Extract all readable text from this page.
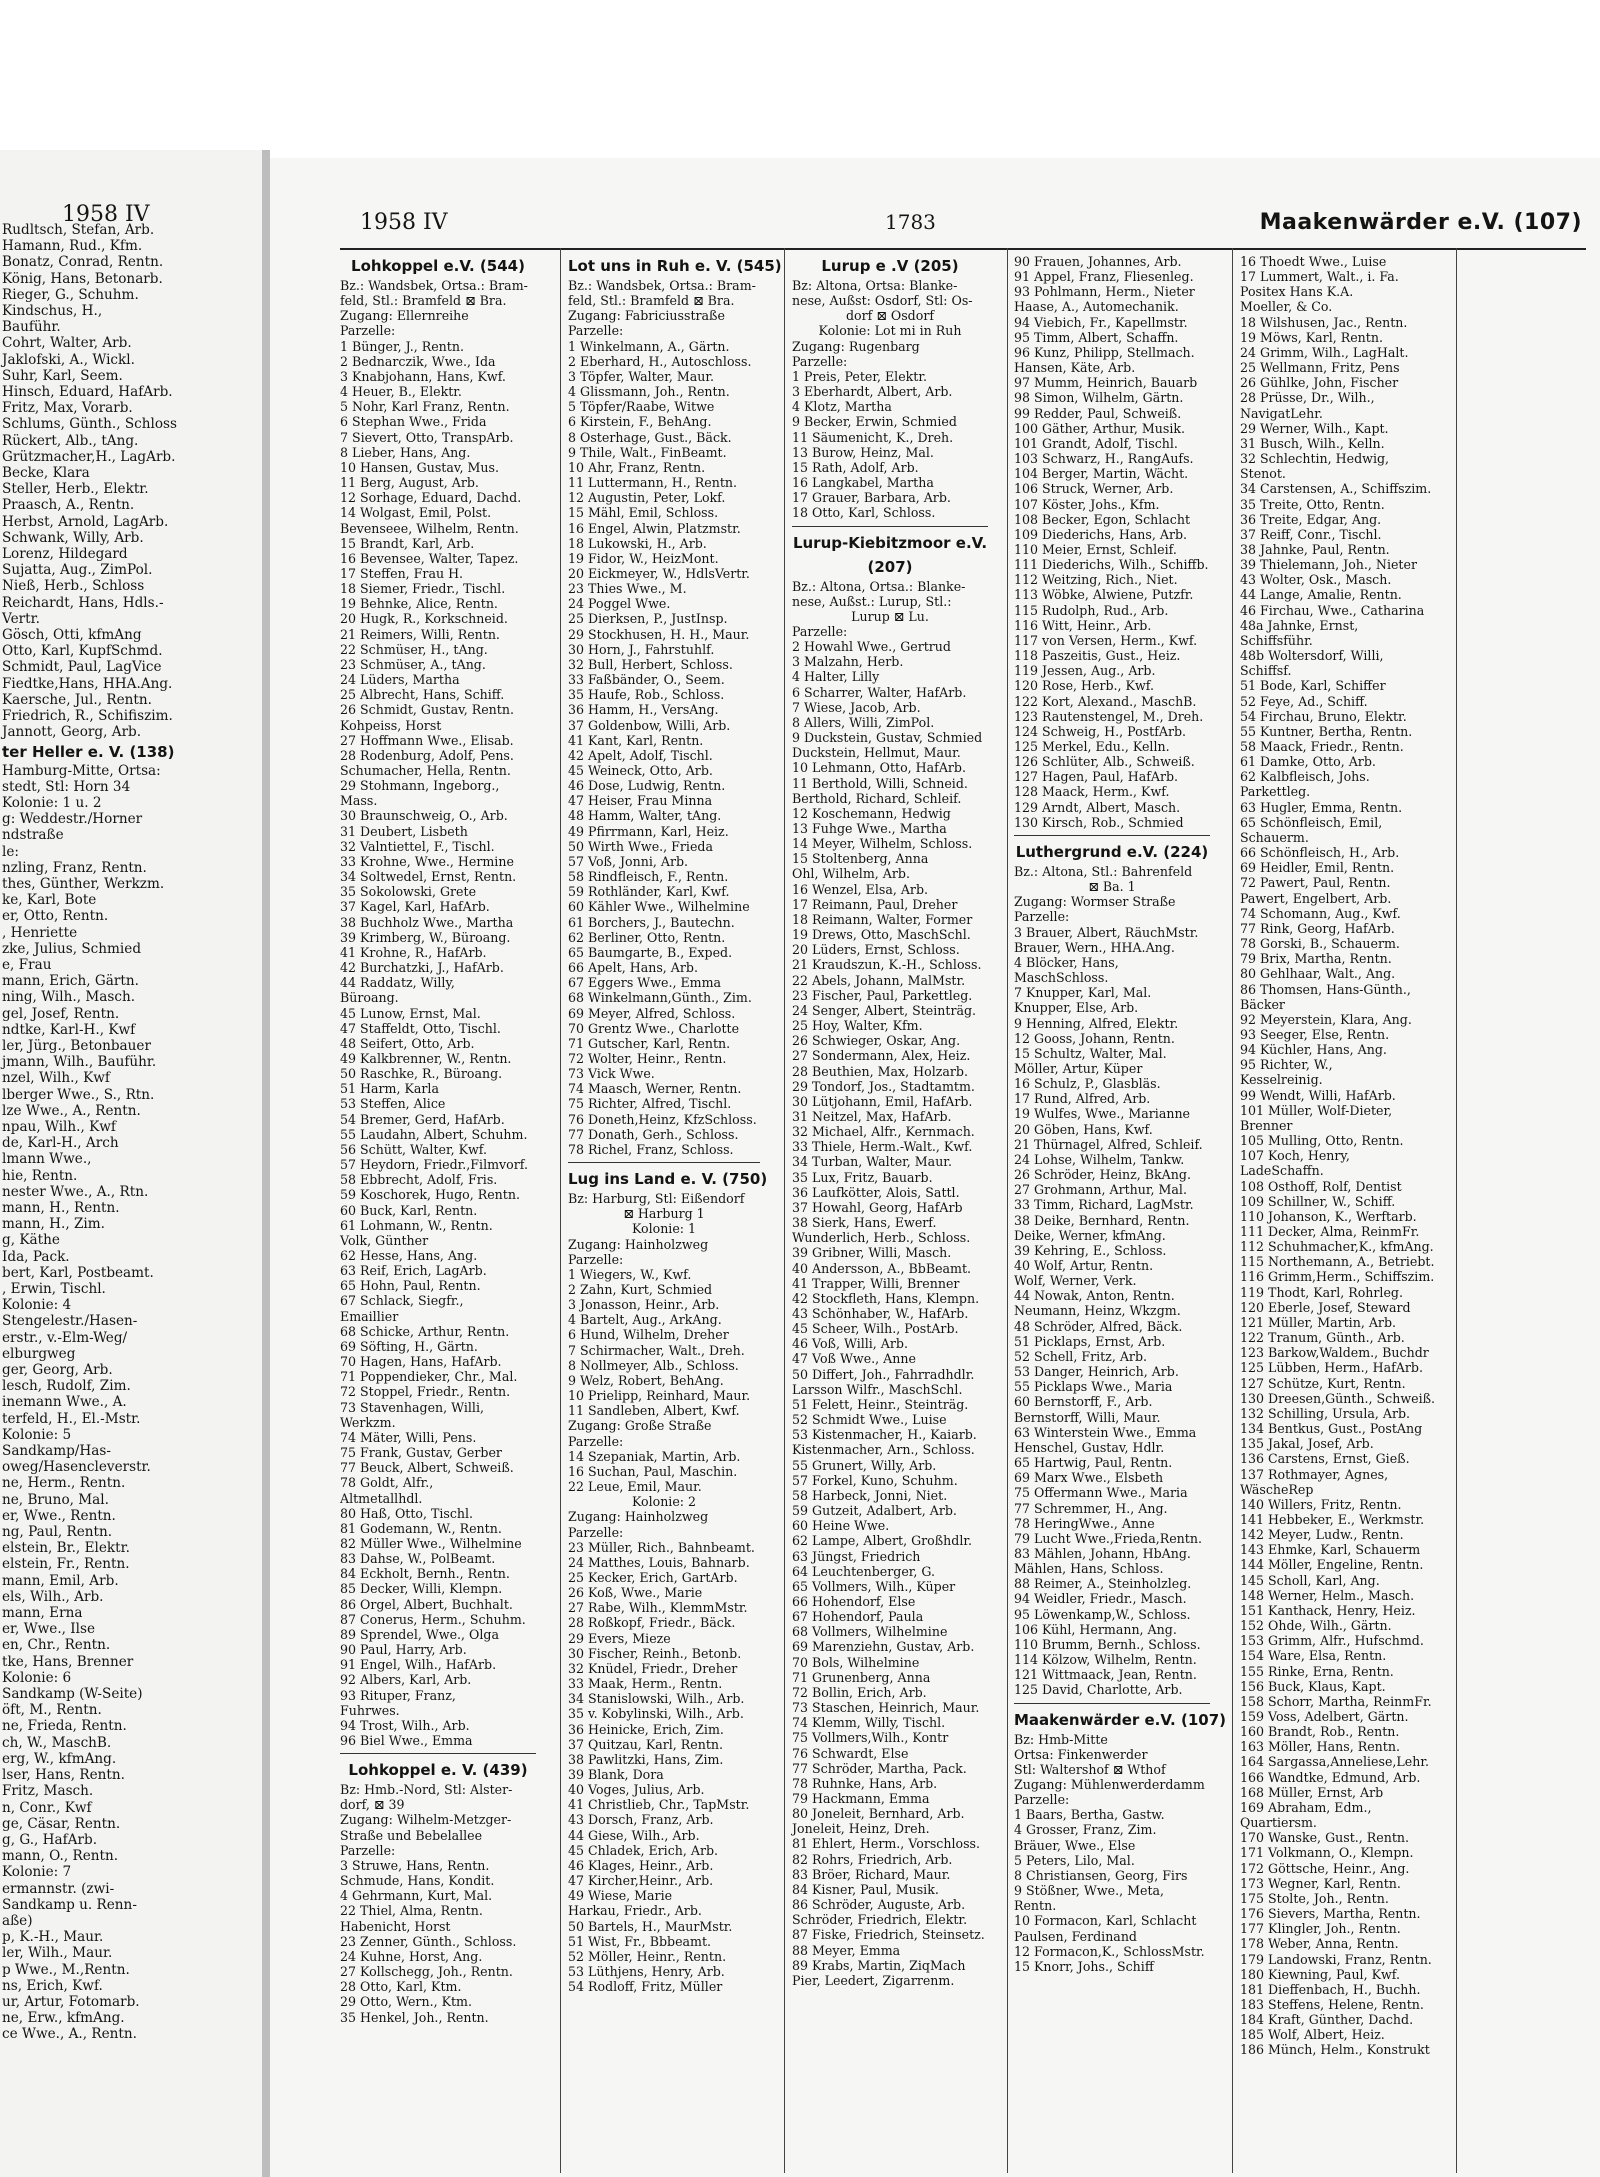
1958 IV
Rudltsch, Stefan, Arb.
Hamann, Rud., Kfm.
Bonatz, Conrad, Rentn.
König, Hans, Betonarb.
Rieger, G., Schuhm.
Kindschus, H.,
Bauführ.
Cohrt, Walter, Arb.
Jaklofski, A., Wickl.
Suhr, Karl, Seem.
Hinsch, Eduard, HafArb.
Fritz, Max, Vorarb.
Schlums, Günth., Schloss
Rückert, Alb., tAng.
Grützmacher,H., LagArb.
Becke, Klara
Steller, Herb., Elektr.
Praasch, A., Rentn.
Herbst, Arnold, LagArb.
Schwank, Willy, Arb.
Lorenz, Hildegard
Sujatta, Aug., ZimPol.
Nieß, Herb., Schloss
Reichardt, Hans, Hdls.-
Vertr.
Gösch, Otti, kfmAng
Otto, Karl, KupfSchmd.
Schmidt, Paul, LagVice
Fiedtke,Hans, HHA.Ang.
Kaersche, Jul., Rentn.
Friedrich, R., Schifiszim.
Jannott, Georg, Arb.
ter Heller e. V. (138)
Hamburg-Mitte, Ortsa:
stedt, Stl: Horn 34
Kolonie: 1 u. 2
g: Weddestr./Horner
ndstraße
le:
nzling, Franz, Rentn.
thes, Günther, Werkzm.
ke, Karl, Bote
er, Otto, Rentn.
, Henriette
zke, Julius, Schmied
e, Frau
mann, Erich, Gärtn.
ning, Wilh., Masch.
gel, Josef, Rentn.
ndtke, Karl-H., Kwf
ler, Jürg., Betonbauer
jmann, Wilh., Bauführ.
nzel, Wilh., Kwf
lberger Wwe., S., Rtn.
lze Wwe., A., Rentn.
npau, Wilh., Kwf
de, Karl-H., Arch
lmann Wwe.,
hie, Rentn.
nester Wwe., A., Rtn.
mann, H., Rentn.
mann, H., Zim.
g, Käthe
Ida, Pack.
bert, Karl, Postbeamt.
, Erwin, Tischl.
Kolonie: 4
Stengelestr./Hasen-
erstr., v.-Elm-Weg/
elburgweg
ger, Georg, Arb.
lesch, Rudolf, Zim.
inemann Wwe., A.
terfeld, H., El.-Mstr.
Kolonie: 5
Sandkamp/Has-
oweg/Hasencleverstr.
ne, Herm., Rentn.
ne, Bruno, Mal.
er, Wwe., Rentn.
ng, Paul, Rentn.
elstein, Br., Elektr.
elstein, Fr., Rentn.
mann, Emil, Arb.
els, Wilh., Arb.
mann, Erna
er, Wwe., Ilse
en, Chr., Rentn.
tke, Hans, Brenner
Kolonie: 6
Sandkamp (W-Seite)
öft, M., Rentn.
ne, Frieda, Rentn.
ch, W., MaschB.
erg, W., kfmAng.
lser, Hans, Rentn.
Fritz, Masch.
n, Conr., Kwf
ge, Cäsar, Rentn.
g, G., HafArb.
mann, O., Rentn.
Kolonie: 7
ermannstr. (zwi-
Sandkamp u. Renn-
aße)
p, K.-H., Maur.
ler, Wilh., Maur.
p Wwe., M.,Rentn.
ns, Erich, Kwf.
ur, Artur, Fotomarb.
ne, Erw., kfmAng.
ce Wwe., A., Rentn.
1958 IV	1783	Maakenwärder e.V. (107)
Lohkoppel e.V. (544)
Bz.: Wandsbek, Ortsa.: Bram-
feld, Stl.: Bramfeld ⊠ Bra.
Zugang: Ellernreihe
Parzelle:
1 Bünger, J., Rentn.
2 Bednarczik, Wwe., Ida
3 Knabjohann, Hans, Kwf.
4 Heuer, B., Elektr.
5 Nohr, Karl Franz, Rentn.
6 Stephan Wwe., Frida
7 Sievert, Otto, TranspArb.
8 Lieber, Hans, Ang.
10 Hansen, Gustav, Mus.
11 Berg, August, Arb.
12 Sorhage, Eduard, Dachd.
14 Wolgast, Emil, Polst.
Bevenseee, Wilhelm, Rentn.
15 Brandt, Karl, Arb.
16 Bevensee, Walter, Tapez.
17 Steffen, Frau H.
18 Siemer, Friedr., Tischl.
19 Behnke, Alice, Rentn.
20 Hugk, R., Korkschneid.
21 Reimers, Willi, Rentn.
22 Schmüser, H., tAng.
23 Schmüser, A., tAng.
24 Lüders, Martha
25 Albrecht, Hans, Schiff.
26 Schmidt, Gustav, Rentn.
Kohpeiss, Horst
27 Hoffmann Wwe., Elisab.
28 Rodenburg, Adolf, Pens.
Schumacher, Hella, Rentn.
29 Stohmann, Ingeborg.,
Mass.
30 Braunschweig, O., Arb.
31 Deubert, Lisbeth
32 Valntiettel, F., Tischl.
33 Krohne, Wwe., Hermine
34 Soltwedel, Ernst, Rentn.
35 Sokolowski, Grete
37 Kagel, Karl, HafArb.
38 Buchholz Wwe., Martha
39 Krimberg, W., Büroang.
41 Krohne, R., HafArb.
42 Burchatzki, J., HafArb.
44 Raddatz, Willy,
Büroang.
45 Lunow, Ernst, Mal.
47 Staffeldt, Otto, Tischl.
48 Seifert, Otto, Arb.
49 Kalkbrenner, W., Rentn.
50 Raschke, R., Büroang.
51 Harm, Karla
53 Steffen, Alice
54 Bremer, Gerd, HafArb.
55 Laudahn, Albert, Schuhm.
56 Schütt, Walter, Kwf.
57 Heydorn, Friedr.,Filmvorf.
58 Ebbrecht, Adolf, Fris.
59 Koschorek, Hugo, Rentn.
60 Buck, Karl, Rentn.
61 Lohmann, W., Rentn.
Volk, Günther
62 Hesse, Hans, Ang.
63 Reif, Erich, LagArb.
65 Hohn, Paul, Rentn.
67 Schlack, Siegfr.,
Emaillier
68 Schicke, Arthur, Rentn.
69 Söfting, H., Gärtn.
70 Hagen, Hans, HafArb.
71 Poppendieker, Chr., Mal.
72 Stoppel, Friedr., Rentn.
73 Stavenhagen, Willi,
Werkzm.
74 Mäter, Willi, Pens.
75 Frank, Gustav, Gerber
77 Beuck, Albert, Schweiß.
78 Goldt, Alfr.,
Altmetallhdl.
80 Haß, Otto, Tischl.
81 Godemann, W., Rentn.
82 Müller Wwe., Wilhelmine
83 Dahse, W., PolBeamt.
84 Eckholt, Bernh., Rentn.
85 Decker, Willi, Klempn.
86 Orgel, Albert, Buchhalt.
87 Conerus, Herm., Schuhm.
89 Sprendel, Wwe., Olga
90 Paul, Harry, Arb.
91 Engel, Wilh., HafArb.
92 Albers, Karl, Arb.
93 Rituper, Franz,
Fuhrwes.
94 Trost, Wilh., Arb.
96 Biel Wwe., Emma
Lohkoppel e. V. (439)
Bz: Hmb.-Nord, Stl: Alster-
dorf, ⊠ 39
Zugang: Wilhelm-Metzger-
Straße und Bebelallee
Parzelle:
3 Struwe, Hans, Rentn.
Schmude, Hans, Kondit.
4 Gehrmann, Kurt, Mal.
22 Thiel, Alma, Rentn.
Habenicht, Horst
23 Zenner, Günth., Schloss.
24 Kuhne, Horst, Ang.
27 Kollschegg, Joh., Rentn.
28 Otto, Karl, Ktm.
29 Otto, Wern., Ktm.
35 Henkel, Joh., Rentn.
Lot uns in Ruh e. V. (545)
Bz.: Wandsbek, Ortsa.: Bram-
feld, Stl.: Bramfeld ⊠ Bra.
Zugang: Fabriciusstraße
Parzelle:
1 Winkelmann, A., Gärtn.
2 Eberhard, H., Autoschloss.
3 Töpfer, Walter, Maur.
4 Glissmann, Joh., Rentn.
5 Töpfer/Raabe, Witwe
6 Kirstein, F., BehAng.
8 Osterhage, Gust., Bäck.
9 Thile, Walt., FinBeamt.
10 Ahr, Franz, Rentn.
11 Luttermann, H., Rentn.
12 Augustin, Peter, Lokf.
15 Mähl, Emil, Schloss.
16 Engel, Alwin, Platzmstr.
18 Lukowski, H., Arb.
19 Fidor, W., HeizMont.
20 Eickmeyer, W., HdlsVertr.
23 Thies Wwe., M.
24 Poggel Wwe.
25 Dierksen, P., JustInsp.
29 Stockhusen, H. H., Maur.
30 Horn, J., Fahrstuhlf.
32 Bull, Herbert, Schloss.
33 Faßbänder, O., Seem.
35 Haufe, Rob., Schloss.
36 Hamm, H., VersAng.
37 Goldenbow, Willi, Arb.
41 Kant, Karl, Rentn.
42 Apelt, Adolf, Tischl.
45 Weineck, Otto, Arb.
46 Dose, Ludwig, Rentn.
47 Heiser, Frau Minna
48 Hamm, Walter, tAng.
49 Pfirrmann, Karl, Heiz.
50 Wirth Wwe., Frieda
57 Voß, Jonni, Arb.
58 Rindfleisch, F., Rentn.
59 Rothländer, Karl, Kwf.
60 Kähler Wwe., Wilhelmine
61 Borchers, J., Bautechn.
62 Berliner, Otto, Rentn.
65 Baumgarte, B., Exped.
66 Apelt, Hans, Arb.
67 Eggers Wwe., Emma
68 Winkelmann,Günth., Zim.
69 Meyer, Alfred, Schloss.
70 Grentz Wwe., Charlotte
71 Gutscher, Karl, Rentn.
72 Wolter, Heinr., Rentn.
73 Vick Wwe.
74 Maasch, Werner, Rentn.
75 Richter, Alfred, Tischl.
76 Doneth,Heinz, KfzSchloss.
77 Donath, Gerh., Schloss.
78 Richel, Franz, Schloss.
Lug ins Land e. V. (750)
Bz: Harburg, Stl: Eißendorf
⊠ Harburg 1
Kolonie: 1
Zugang: Hainholzweg
Parzelle:
1 Wiegers, W., Kwf.
2 Zahn, Kurt, Schmied
3 Jonasson, Heinr., Arb.
4 Bartelt, Aug., ArkAng.
6 Hund, Wilhelm, Dreher
7 Schirmacher, Walt., Dreh.
8 Nollmeyer, Alb., Schloss.
9 Welz, Robert, BehAng.
10 Prielipp, Reinhard, Maur.
11 Sandleben, Albert, Kwf.
Zugang: Große Straße
Parzelle:
14 Szepaniak, Martin, Arb.
16 Suchan, Paul, Maschin.
22 Leue, Emil, Maur.
Kolonie: 2
Zugang: Hainholzweg
Parzelle:
23 Müller, Rich., Bahnbeamt.
24 Matthes, Louis, Bahnarb.
25 Kecker, Erich, GartArb.
26 Koß, Wwe., Marie
27 Rabe, Wilh., KlemmMstr.
28 Roßkopf, Friedr., Bäck.
29 Evers, Mieze
30 Fischer, Reinh., Betonb.
32 Knüdel, Friedr., Dreher
33 Maak, Herm., Rentn.
34 Stanislowski, Wilh., Arb.
35 v. Kobylinski, Wilh., Arb.
36 Heinicke, Erich, Zim.
37 Quitzau, Karl, Rentn.
38 Pawlitzki, Hans, Zim.
39 Blank, Dora
40 Voges, Julius, Arb.
41 Christlieb, Chr., TapMstr.
43 Dorsch, Franz, Arb.
44 Giese, Wilh., Arb.
45 Chladek, Erich, Arb.
46 Klages, Heinr., Arb.
47 Kircher,Heinr., Arb.
49 Wiese, Marie
Harkau, Friedr., Arb.
50 Bartels, H., MaurMstr.
51 Wist, Fr., Bbbeamt.
52 Möller, Heinr., Rentn.
53 Lüthjens, Henry, Arb.
54 Rodloff, Fritz, Müller
Lurup e .V (205)
Bz: Altona, Ortsa: Blanke-
nese, Außst: Osdorf, Stl: Os-
dorf ⊠ Osdorf
Kolonie: Lot mi in Ruh
Zugang: Rugenbarg
Parzelle:
1 Preis, Peter, Elektr.
3 Eberhardt, Albert, Arb.
4 Klotz, Martha
9 Becker, Erwin, Schmied
11 Säumenicht, K., Dreh.
13 Burow, Heinz, Mal.
15 Rath, Adolf, Arb.
16 Langkabel, Martha
17 Grauer, Barbara, Arb.
18 Otto, Karl, Schloss.
Lurup-Kiebitzmoor e.V.
(207)
Bz.: Altona, Ortsa.: Blanke-
nese, Außst.: Lurup, Stl.:
Lurup ⊠ Lu.
Parzelle:
2 Howahl Wwe., Gertrud
3 Malzahn, Herb.
4 Halter, Lilly
6 Scharrer, Walter, HafArb.
7 Wiese, Jacob, Arb.
8 Allers, Willi, ZimPol.
9 Duckstein, Gustav, Schmied
Duckstein, Hellmut, Maur.
10 Lehmann, Otto, HafArb.
11 Berthold, Willi, Schneid.
Berthold, Richard, Schleif.
12 Koschemann, Hedwig
13 Fuhge Wwe., Martha
14 Meyer, Wilhelm, Schloss.
15 Stoltenberg, Anna
Ohl, Wilhelm, Arb.
16 Wenzel, Elsa, Arb.
17 Reimann, Paul, Dreher
18 Reimann, Walter, Former
19 Drews, Otto, MaschSchl.
20 Lüders, Ernst, Schloss.
21 Kraudszun, K.-H., Schloss.
22 Abels, Johann, MalMstr.
23 Fischer, Paul, Parkettleg.
24 Senger, Albert, Steinträg.
25 Hoy, Walter, Kfm.
26 Schwieger, Oskar, Ang.
27 Sondermann, Alex, Heiz.
28 Beuthien, Max, Holzarb.
29 Tondorf, Jos., Stadtamtm.
30 Lütjohann, Emil, HafArb.
31 Neitzel, Max, HafArb.
32 Michael, Alfr., Kernmach.
33 Thiele, Herm.-Walt., Kwf.
34 Turban, Walter, Maur.
35 Lux, Fritz, Bauarb.
36 Laufkötter, Alois, Sattl.
37 Howahl, Georg, HafArb
38 Sierk, Hans, Ewerf.
Wunderlich, Herb., Schloss.
39 Gribner, Willi, Masch.
40 Andersson, A., BbBeamt.
41 Trapper, Willi, Brenner
42 Stockfleth, Hans, Klempn.
43 Schönhaber, W., HafArb.
45 Scheer, Wilh., PostArb.
46 Voß, Willi, Arb.
47 Voß Wwe., Anne
50 Differt, Joh., Fahrradhdlr.
Larsson Wilfr., MaschSchl.
51 Felett, Heinr., Steinträg.
52 Schmidt Wwe., Luise
53 Kistenmacher, H., Kaiarb.
Kistenmacher, Arn., Schloss.
55 Grunert, Willy, Arb.
57 Forkel, Kuno, Schuhm.
58 Harbeck, Jonni, Niet.
59 Gutzeit, Adalbert, Arb.
60 Heine Wwe.
62 Lampe, Albert, Großhdlr.
63 Jüngst, Friedrich
64 Leuchtenberger, G.
65 Vollmers, Wilh., Küper
66 Hohendorf, Else
67 Hohendorf, Paula
68 Vollmers, Wilhelmine
69 Marenziehn, Gustav, Arb.
70 Bols, Wilhelmine
71 Grunenberg, Anna
72 Bollin, Erich, Arb.
73 Staschen, Heinrich, Maur.
74 Klemm, Willy, Tischl.
75 Vollmers,Wilh., Kontr
76 Schwardt, Else
77 Schröder, Martha, Pack.
78 Ruhnke, Hans, Arb.
79 Hackmann, Emma
80 Joneleit, Bernhard, Arb.
Joneleit, Heinz, Dreh.
81 Ehlert, Herm., Vorschloss.
82 Rohrs, Friedrich, Arb.
83 Bröer, Richard, Maur.
84 Kisner, Paul, Musik.
86 Schröder, Auguste, Arb.
Schröder, Friedrich, Elektr.
87 Fiske, Friedrich, Steinsetz.
88 Meyer, Emma
89 Krabs, Martin, ZiqMach
Pier, Leedert, Zigarrenm.
90 Frauen, Johannes, Arb.
91 Appel, Franz, Fliesenleg.
93 Pohlmann, Herm., Nieter
Haase, A., Automechanik.
94 Viebich, Fr., Kapellmstr.
95 Timm, Albert, Schaffn.
96 Kunz, Philipp, Stellmach.
Hansen, Käte, Arb.
97 Mumm, Heinrich, Bauarb
98 Simon, Wilhelm, Gärtn.
99 Redder, Paul, Schweiß.
100 Gäther, Arthur, Musik.
101 Grandt, Adolf, Tischl.
103 Schwarz, H., RangAufs.
104 Berger, Martin, Wächt.
106 Struck, Werner, Arb.
107 Köster, Johs., Kfm.
108 Becker, Egon, Schlacht
109 Diederichs, Hans, Arb.
110 Meier, Ernst, Schleif.
111 Diederichs, Wilh., Schiffb.
112 Weitzing, Rich., Niet.
113 Wöbke, Alwiene, Putzfr.
115 Rudolph, Rud., Arb.
116 Witt, Heinr., Arb.
117 von Versen, Herm., Kwf.
118 Paszeitis, Gust., Heiz.
119 Jessen, Aug., Arb.
120 Rose, Herb., Kwf.
122 Kort, Alexand., MaschB.
123 Rautenstengel, M., Dreh.
124 Schweig, H., PostfArb.
125 Merkel, Edu., Kelln.
126 Schlüter, Alb., Schweiß.
127 Hagen, Paul, HafArb.
128 Maack, Herm., Kwf.
129 Arndt, Albert, Masch.
130 Kirsch, Rob., Schmied
Luthergrund e.V. (224)
Bz.: Altona, Stl.: Bahrenfeld
⊠ Ba. 1
Zugang: Wormser Straße
Parzelle:
3 Brauer, Albert, RäuchMstr.
Brauer, Wern., HHA.Ang.
4 Blöcker, Hans,
MaschSchloss.
7 Knupper, Karl, Mal.
Knupper, Else, Arb.
9 Henning, Alfred, Elektr.
12 Gooss, Johann, Rentn.
15 Schultz, Walter, Mal.
Möller, Artur, Küper
16 Schulz, P., Glasbläs.
17 Rund, Alfred, Arb.
19 Wulfes, Wwe., Marianne
20 Göben, Hans, Kwf.
21 Thürnagel, Alfred, Schleif.
24 Lohse, Wilhelm, Tankw.
26 Schröder, Heinz, BkAng.
27 Grohmann, Arthur, Mal.
33 Timm, Richard, LagMstr.
38 Deike, Bernhard, Rentn.
Deike, Werner, kfmAng.
39 Kehring, E., Schloss.
40 Wolf, Artur, Rentn.
Wolf, Werner, Verk.
44 Nowak, Anton, Rentn.
Neumann, Heinz, Wkzgm.
48 Schröder, Alfred, Bäck.
51 Picklaps, Ernst, Arb.
52 Schell, Fritz, Arb.
53 Danger, Heinrich, Arb.
55 Picklaps Wwe., Maria
60 Bernstorff, F., Arb.
Bernstorff, Willi, Maur.
63 Winterstein Wwe., Emma
Henschel, Gustav, Hdlr.
65 Hartwig, Paul, Rentn.
69 Marx Wwe., Elsbeth
75 Offermann Wwe., Maria
77 Schremmer, H., Ang.
78 HeringWwe., Anne
79 Lucht Wwe.,Frieda,Rentn.
83 Mählen, Johann, HbAng.
Mählen, Hans, Schloss.
88 Reimer, A., Steinholzleg.
94 Weidler, Friedr., Masch.
95 Löwenkamp,W., Schloss.
106 Kühl, Hermann, Ang.
110 Brumm, Bernh., Schloss.
114 Kölzow, Wilhelm, Rentn.
121 Wittmaack, Jean, Rentn.
125 David, Charlotte, Arb.
Maakenwärder e.V. (107)
Bz: Hmb-Mitte
Ortsa: Finkenwerder
Stl: Waltershof ⊠ Wthof
Zugang: Mühlenwerderdamm
Parzelle:
1 Baars, Bertha, Gastw.
4 Grosser, Franz, Zim.
Bräuer, Wwe., Else
5 Peters, Lilo, Mal.
8 Christiansen, Georg, Firs
9 Stößner, Wwe., Meta,
Rentn.
10 Formacon, Karl, Schlacht
Paulsen, Ferdinand
12 Formacon,K., SchlossMstr.
15 Knorr, Johs., Schiff
16 Thoedt Wwe., Luise
17 Lummert, Walt., i. Fa.
Positex Hans K.A.
Moeller, & Co.
18 Wilshusen, Jac., Rentn.
19 Möws, Karl, Rentn.
24 Grimm, Wilh., LagHalt.
25 Wellmann, Fritz, Pens
26 Gühlke, John, Fischer
28 Prüsse, Dr., Wilh.,
NavigatLehr.
29 Werner, Wilh., Kapt.
31 Busch, Wilh., Kelln.
32 Schlechtin, Hedwig,
Stenot.
34 Carstensen, A., Schiffszim.
35 Treite, Otto, Rentn.
36 Treite, Edgar, Ang.
37 Reiff, Conr., Tischl.
38 Jahnke, Paul, Rentn.
39 Thielemann, Joh., Nieter
43 Wolter, Osk., Masch.
44 Lange, Amalie, Rentn.
46 Firchau, Wwe., Catharina
48a Jahnke, Ernst,
Schiffsführ.
48b Woltersdorf, Willi,
Schiffsf.
51 Bode, Karl, Schiffer
52 Feye, Ad., Schiff.
54 Firchau, Bruno, Elektr.
55 Kuntner, Bertha, Rentn.
58 Maack, Friedr., Rentn.
61 Damke, Otto, Arb.
62 Kalbfleisch, Johs.
Parkettleg.
63 Hugler, Emma, Rentn.
65 Schönfleisch, Emil,
Schauerm.
66 Schönfleisch, H., Arb.
69 Heidler, Emil, Rentn.
72 Pawert, Paul, Rentn.
Pawert, Engelbert, Arb.
74 Schomann, Aug., Kwf.
77 Rink, Georg, HafArb.
78 Gorski, B., Schauerm.
79 Brix, Martha, Rentn.
80 Gehlhaar, Walt., Ang.
86 Thomsen, Hans-Günth.,
Bäcker
92 Meyerstein, Klara, Ang.
93 Seeger, Else, Rentn.
94 Küchler, Hans, Ang.
95 Richter, W.,
Kesselreinig.
99 Wendt, Willi, HafArb.
101 Müller, Wolf-Dieter,
Brenner
105 Mulling, Otto, Rentn.
107 Koch, Henry,
LadeSchaffn.
108 Osthoff, Rolf, Dentist
109 Schillner, W., Schiff.
110 Johanson, K., Werftarb.
111 Decker, Alma, ReinmFr.
112 Schuhmacher,K., kfmAng.
115 Northemann, A., Betriebt.
116 Grimm,Herm., Schiffszim.
119 Thodt, Karl, Rohrleg.
120 Eberle, Josef, Steward
121 Müller, Martin, Arb.
122 Tranum, Günth., Arb.
123 Barkow,Waldem., Buchdr
125 Lübben, Herm., HafArb.
127 Schütze, Kurt, Rentn.
130 Dreesen,Günth., Schweiß.
132 Schilling, Ursula, Arb.
134 Bentkus, Gust., PostAng
135 Jakal, Josef, Arb.
136 Carstens, Ernst, Gieß.
137 Rothmayer, Agnes,
WäscheRep
140 Willers, Fritz, Rentn.
141 Hebbeker, E., Werkmstr.
142 Meyer, Ludw., Rentn.
143 Ehmke, Karl, Schauerm
144 Möller, Engeline, Rentn.
145 Scholl, Karl, Ang.
148 Werner, Helm., Masch.
151 Kanthack, Henry, Heiz.
152 Ohde, Wilh., Gärtn.
153 Grimm, Alfr., Hufschmd.
154 Ware, Elsa, Rentn.
155 Rinke, Erna, Rentn.
156 Buck, Klaus, Kapt.
158 Schorr, Martha, ReinmFr.
159 Voss, Adelbert, Gärtn.
160 Brandt, Rob., Rentn.
163 Möller, Hans, Rentn.
164 Sargassa,Anneliese,Lehr.
166 Wandtke, Edmund, Arb.
168 Müller, Ernst, Arb
169 Abraham, Edm.,
Quartiersm.
170 Wanske, Gust., Rentn.
171 Volkmann, O., Klempn.
172 Göttsche, Heinr., Ang.
173 Wegner, Karl, Rentn.
175 Stolte, Joh., Rentn.
176 Sievers, Martha, Rentn.
177 Klingler, Joh., Rentn.
178 Weber, Anna, Rentn.
179 Landowski, Franz, Rentn.
180 Kiewning, Paul, Kwf.
181 Dieffenbach, H., Buchh.
183 Steffens, Helene, Rentn.
184 Kraft, Günther, Dachd.
185 Wolf, Albert, Heiz.
186 Münch, Helm., Konstrukt
